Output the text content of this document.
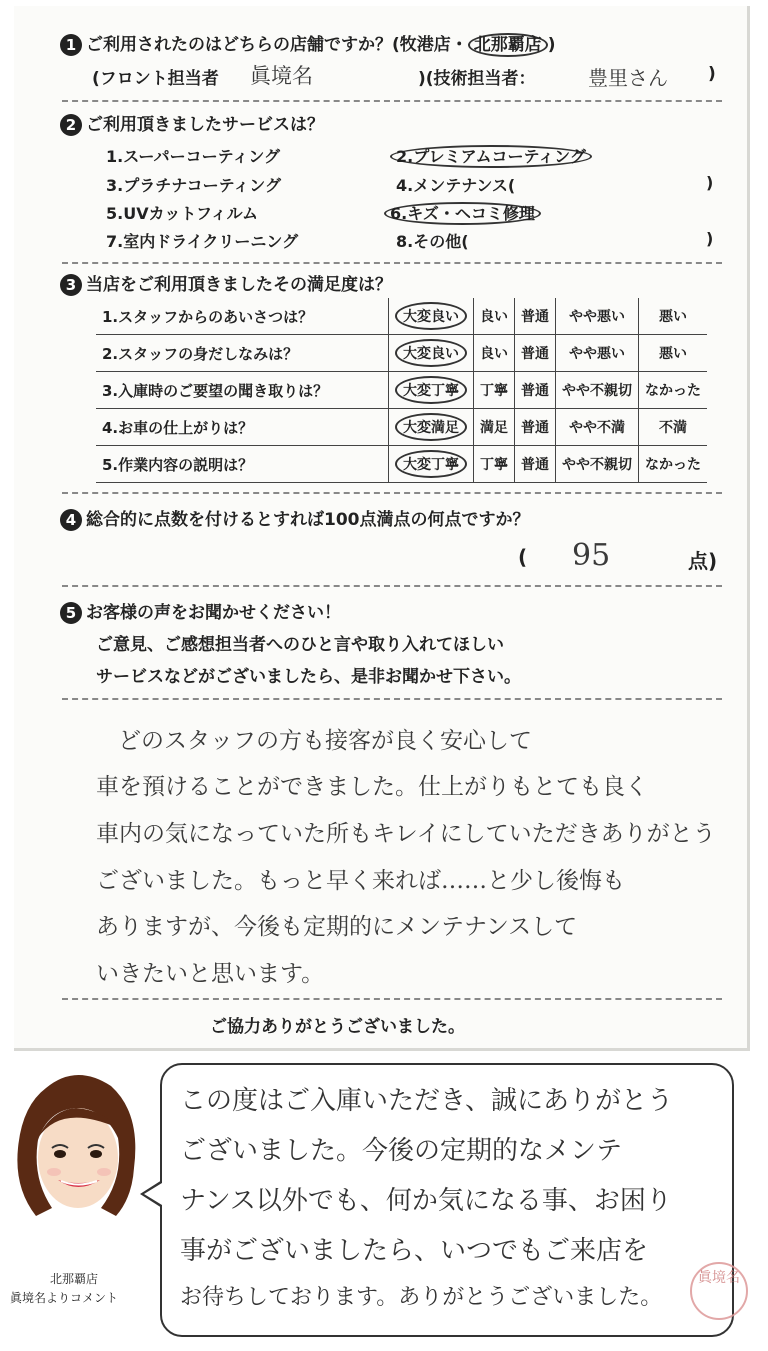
1 ご利用されたのはどちらの店舗ですか？(牧港店・ 北那覇店 )
(フロント担当者 眞境名	)(技術担当者：	豊里さん )
2 ご利用頂きましたサービスは？
1.スーパーコーティング	2.プレミアムコーティング
3.プラチナコーティング	4.メンテナンス(	)
5.UVカットフィルム	6.キズ・ヘコミ修理
7.室内ドライクリーニング	8.その他(	)
3 当店をご利用頂きましたその満足度は？
1.スタッフからのあいさつは？	大変良い	良い	普通	やや悪い	悪い
2.スタッフの身だしなみは？	大変良い	良い	普通	やや悪い	悪い
3.入庫時のご要望の聞き取りは？	大変丁寧	丁寧	普通	やや不親切	なかった
4.お車の仕上がりは？	大変満足	満足	普通	やや不満	不満
5.作業内容の説明は？	大変丁寧	丁寧	普通	やや不親切	なかった
4 総合的に点数を付けるとすれば100点満点の何点ですか？
( 95	点)
5 お客様の声をお聞かせください！
ご意見、ご感想担当者へのひと言や取り入れてほしい
サービスなどがございましたら、是非お聞かせ下さい。
どのスタッフの方も接客が良く安心して
車を預けることができました。仕上がりもとても良く
車内の気になっていた所もキレイにしていただきありがとう
ございました。もっと早く来れば……と少し後悔も
ありますが、今後も定期的にメンテナンスして
いきたいと思います。
ご協力ありがとうございました。
北那覇店
眞境名よりコメント
この度はご入庫いただき、誠にありがとう
ございました。今後の定期的なメンテ
ナンス以外でも、何か気になる事、お困り
事がございましたら、いつでもご来店を
お待ちしております。ありがとうございました。
眞境名
